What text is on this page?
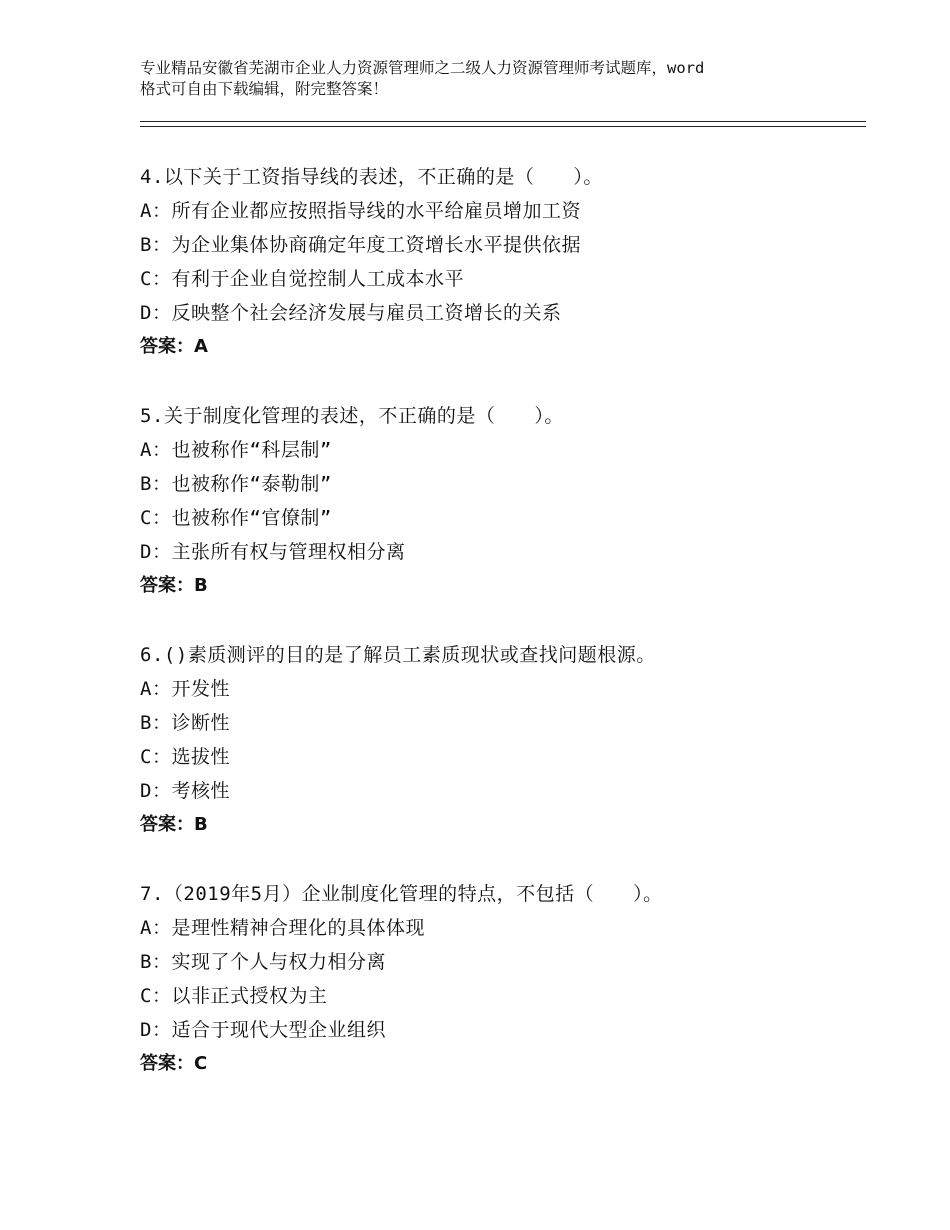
专业精品安徽省芜湖市企业人力资源管理师之二级人力资源管理师考试题库，word
格式可自由下载编辑，附完整答案！
4.以下关于工资指导线的表述，不正确的是（　　）。
A：所有企业都应按照指导线的水平给雇员增加工资
B：为企业集体协商确定年度工资增长水平提供依据
C：有利于企业自觉控制人工成本水平
D：反映整个社会经济发展与雇员工资增长的关系
答案：A
5.关于制度化管理的表述，不正确的是（　　）。
A：也被称作“科层制”
B：也被称作“泰勒制”
C：也被称作“官僚制”
D：主张所有权与管理权相分离
答案：B
6.()素质测评的目的是了解员工素质现状或查找问题根源。
A：开发性
B：诊断性
C：选拔性
D：考核性
答案：B
7.（2019年5月）企业制度化管理的特点，不包括（　　）。
A：是理性精神合理化的具体体现
B：实现了个人与权力相分离
C：以非正式授权为主
D：适合于现代大型企业组织
答案：C
